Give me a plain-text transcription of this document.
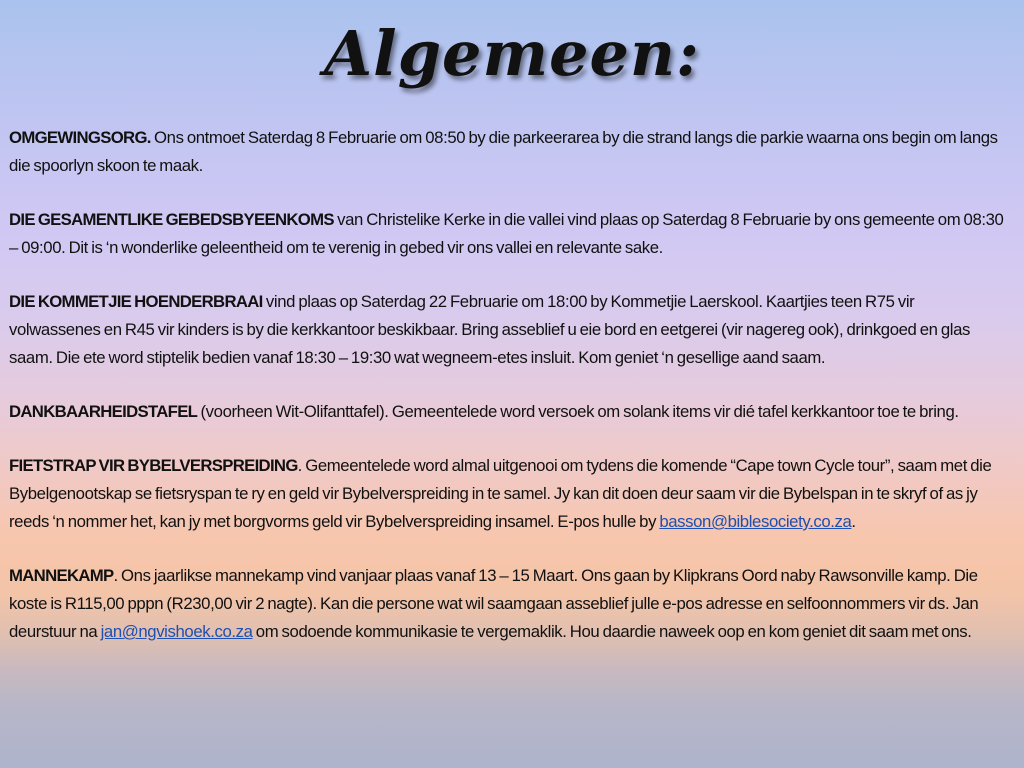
Algemeen:

OMGEWINGSORG. Ons ontmoet Saterdag 8 Februarie om 08:50 by die parkeerarea by die strand langs die parkie waarna ons begin om langs die spoorlyn skoon te maak.

DIE GESAMENTLIKE GEBEDSBYEENKOMS van Christelike Kerke in die vallei vind plaas op Saterdag 8 Februarie by ons gemeente om 08:30 – 09:00. Dit is ‘n wonderlike geleentheid om te verenig in gebed vir ons vallei en relevante sake.

DIE KOMMETJIE HOENDERBRAAI vind plaas op Saterdag 22 Februarie om 18:00 by Kommetjie Laerskool. Kaartjies teen R75 vir volwassenes en R45 vir kinders is by die kerkkantoor beskikbaar. Bring asseblief u eie bord en eetgerei (vir nagereg ook), drinkgoed en glas saam. Die ete word stiptelik bedien vanaf 18:30 – 19:30 wat wegneem-etes insluit. Kom geniet ‘n gesellige aand saam.

DANKBAARHEIDSTAFEL (voorheen Wit-Olifanttafel). Gemeentelede word versoek om solank items vir dié tafel kerkkantoor toe te bring.

FIETSTRAP VIR BYBELVERSPREIDING. Gemeentelede word almal uitgenooi om tydens die komende “Cape town Cycle tour”, saam met die Bybelgenootskap se fietsryspan te ry en geld vir Bybelverspreiding in te samel. Jy kan dit doen deur saam vir die Bybelspan in te skryf of as jy reeds ‘n nommer het, kan jy met borgvorms geld vir Bybelverspreiding insamel. E-pos hulle by basson@biblesociety.co.za.

MANNEKAMP. Ons jaarlikse mannekamp vind vanjaar plaas vanaf 13 – 15 Maart. Ons gaan by Klipkrans Oord naby Rawsonville kamp. Die koste is R115,00 pppn (R230,00 vir 2 nagte). Kan die persone wat wil saamgaan asseblief julle e-pos adresse en selfoonnommers vir ds. Jan deurstuur na jan@ngvishoek.co.za om sodoende kommunikasie te vergemaklik. Hou daardie naweek oop en kom geniet dit saam met ons.
